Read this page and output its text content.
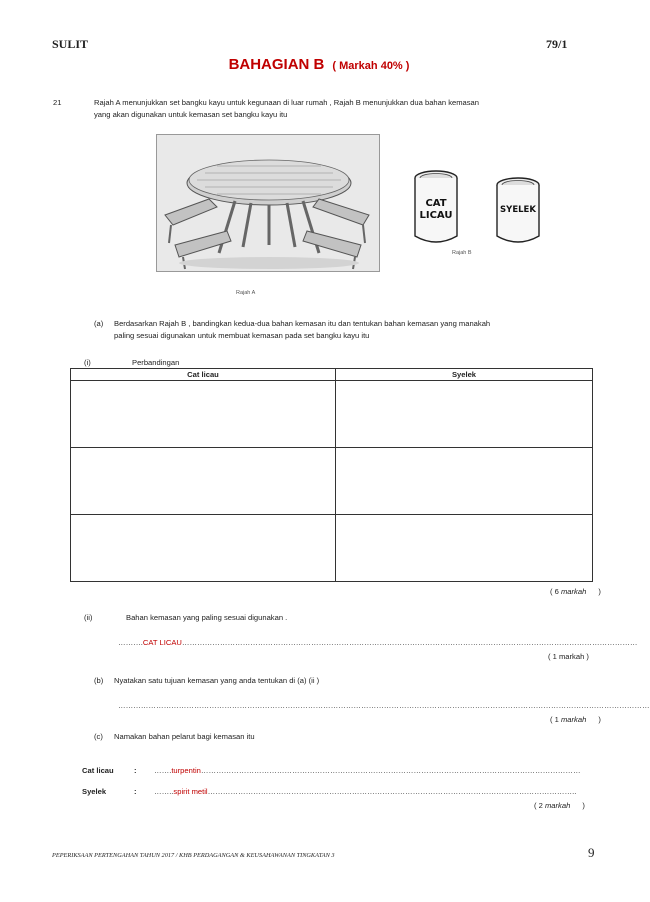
SULIT	79/1
BAHAGIAN B ( Markah 40% )
21	Rajah A menunjukkan set bangku kayu untuk kegunaan di luar rumah , Rajah B menunjukkan dua bahan kemasan
yang akan digunakan untuk kemasan set bangku kayu itu
Rajah A
CAT
LICAU	SYELEK
Rajah B
(a) Berdasarkan Rajah B , bandingkan kedua-dua bahan kemasan itu dan tentukan bahan kemasan yang manakah
paling sesuai digunakan untuk membuat kemasan pada set bangku kayu itu
(i)	Perbandingan
Cat licau	Syelek

( 6 markah )
(ii)	Bahan kemasan yang paling sesuai digunakan .
……….CAT LICAU………………………………………………………………………………………………………………………………………………………………
( 1 markah )
(b) Nyatakan satu tujuan kemasan yang anda tentukan di (a) (ii )
…………………………………………………………………………………………………………………………………………………………………………………………
( 1 markah )
(c) Namakan bahan pelarut bagi kemasan itu
Cat licau	: …….turpentin……………………………………………………………………………………………………………………………………
Syelek	: ……..spirit metil………………………………………………………………………………………………………………………………..
( 2 markah )
PEPERIKSAAN PERTENGAHAN TAHUN 2017 / KHB PERDAGANGAN & KEUSAHAWANAN TINGKATAN 3	9
